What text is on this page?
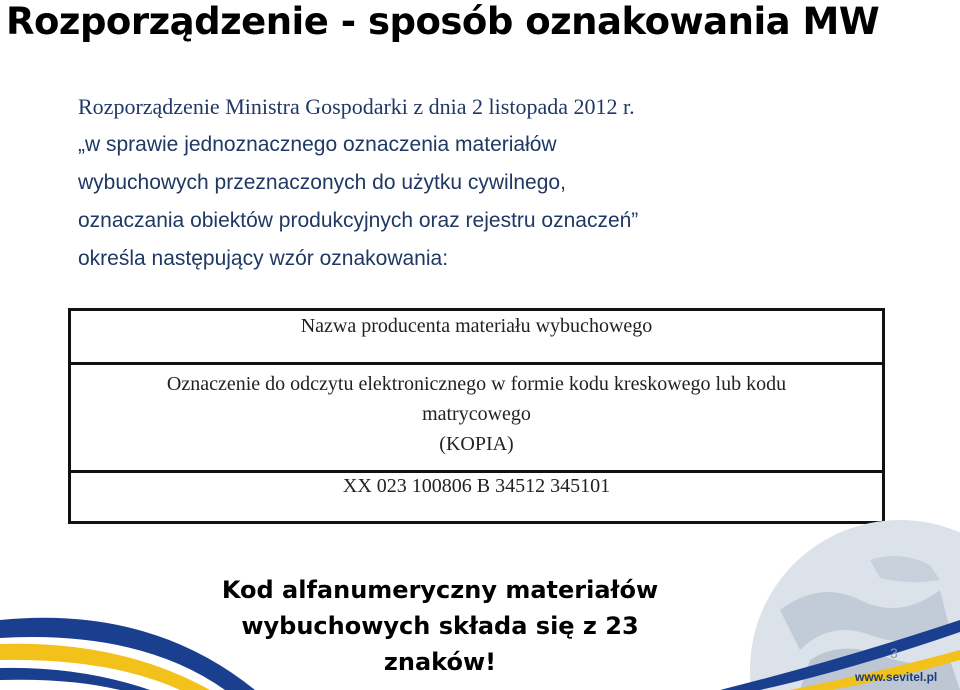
Rozporządzenie - sposób oznakowania MW
Rozporządzenie Ministra Gospodarki z dnia 2 listopada 2012 r.
„w sprawie jednoznacznego oznaczenia materiałów
wybuchowych przeznaczonych do użytku cywilnego,
oznaczania obiektów produkcyjnych oraz rejestru oznaczeń”
określa następujący wzór oznakowania:
Nazwa producenta materiału wybuchowego
Oznaczenie do odczytu elektronicznego w formie kodu kreskowego lub kodu
matrycowego
(KOPIA)
XX 023 100806 B 34512 345101
Kod alfanumeryczny materiałów
wybuchowych składa się z 23
znaków!	3
www.sevitel.pl
